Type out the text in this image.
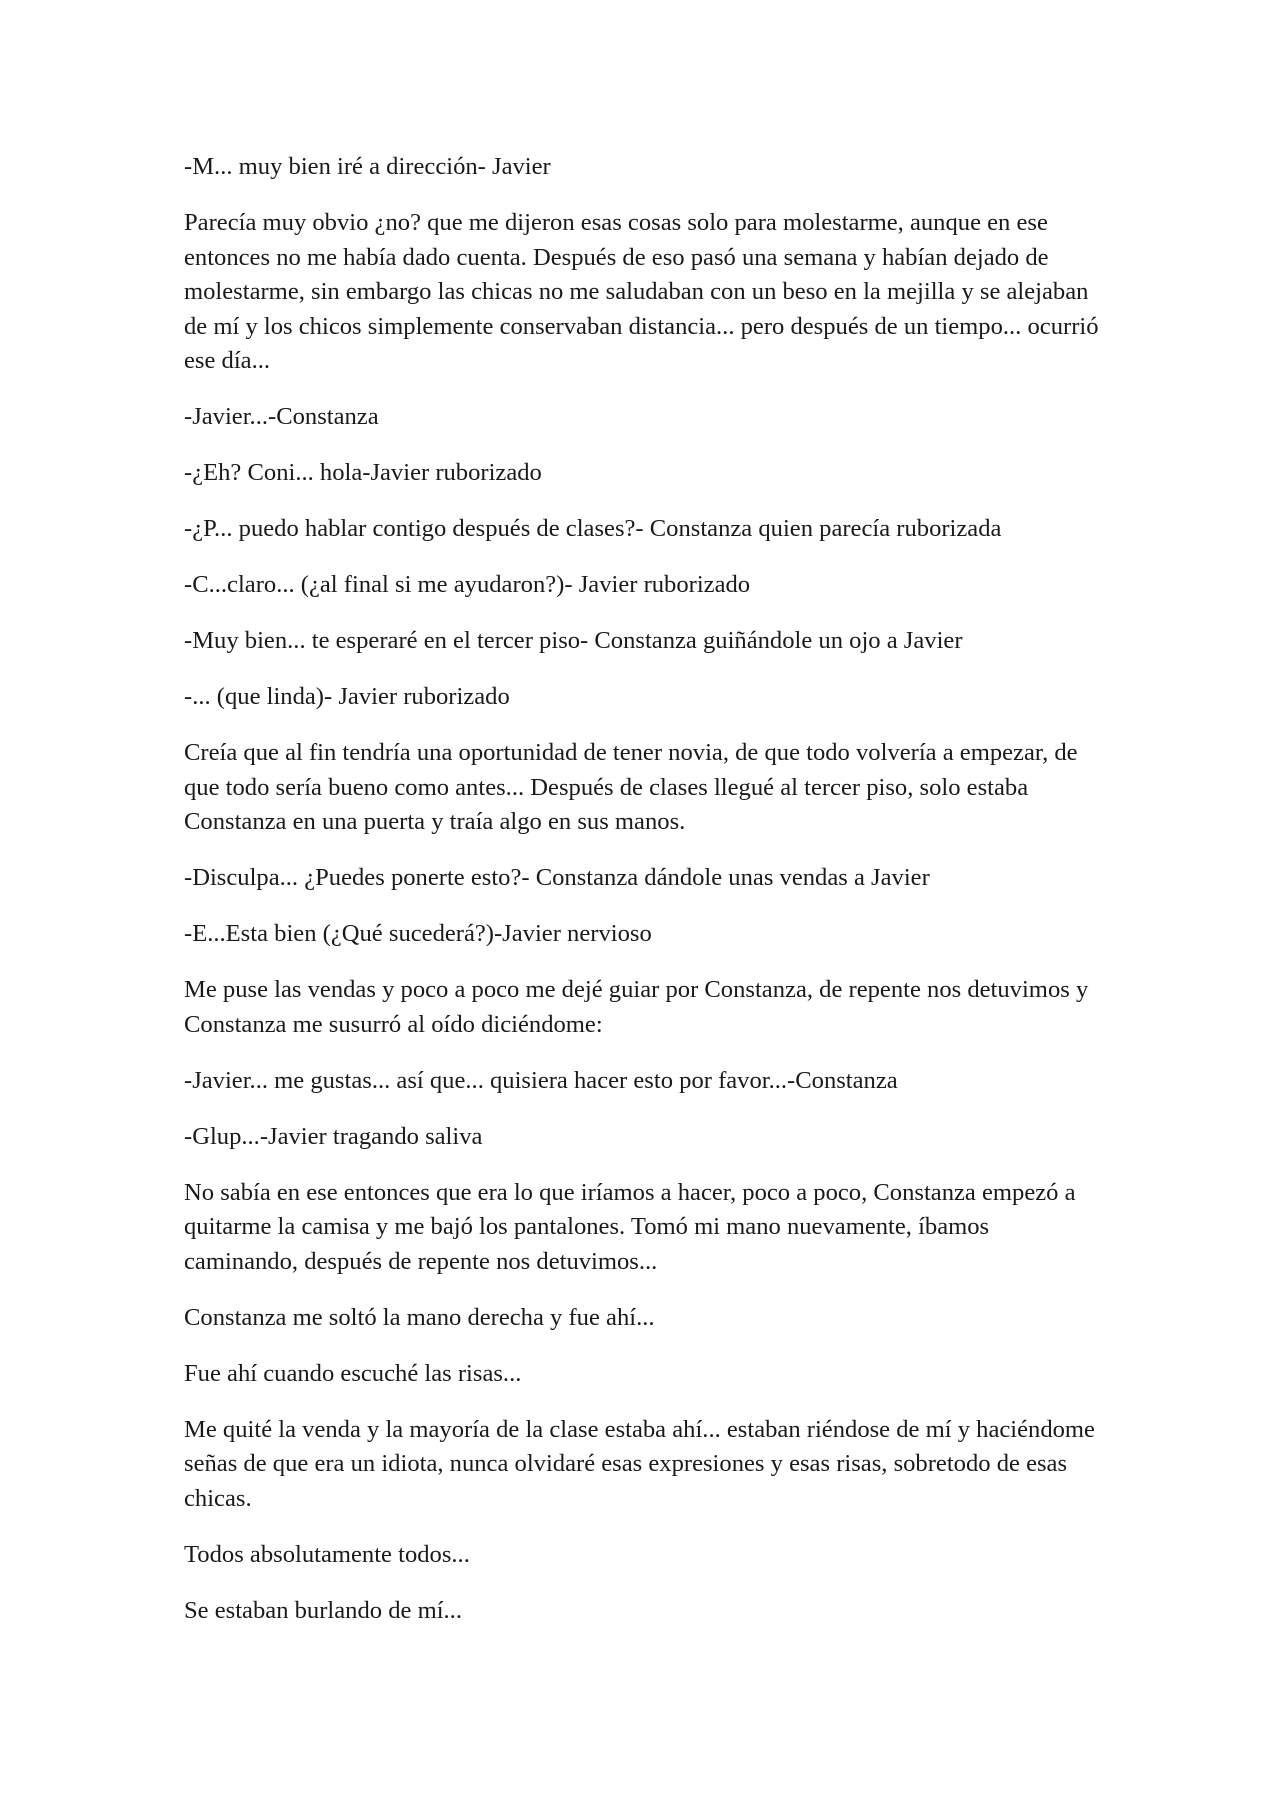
-M... muy bien iré a dirección- Javier

Parecía muy obvio ¿no? que me dijeron esas cosas solo para molestarme, aunque en ese entonces no me había dado cuenta. Después de eso pasó una semana y habían dejado de molestarme, sin embargo las chicas no me saludaban con un beso en la mejilla y se alejaban de mí y los chicos simplemente conservaban distancia... pero después de un tiempo... ocurrió ese día...

-Javier...-Constanza

-¿Eh? Coni... hola-Javier ruborizado

-¿P... puedo hablar contigo después de clases?- Constanza quien parecía ruborizada

-C...claro... (¿al final si me ayudaron?)- Javier ruborizado

-Muy bien... te esperaré en el tercer piso- Constanza guiñándole un ojo a Javier

-... (que linda)- Javier ruborizado

Creía que al fin tendría una oportunidad de tener novia, de que todo volvería a empezar, de que todo sería bueno como antes... Después de clases llegué al tercer piso, solo estaba Constanza en una puerta y traía algo en sus manos.

-Disculpa... ¿Puedes ponerte esto?- Constanza dándole unas vendas a Javier

-E...Esta bien (¿Qué sucederá?)-Javier nervioso

Me puse las vendas y poco a poco me dejé guiar por Constanza, de repente nos detuvimos y Constanza me susurró al oído diciéndome:

-Javier... me gustas... así que... quisiera hacer esto por favor...-Constanza

-Glup...-Javier tragando saliva

No sabía en ese entonces que era lo que iríamos a hacer, poco a poco, Constanza empezó a quitarme la camisa y me bajó los pantalones. Tomó mi mano nuevamente, íbamos caminando, después de repente nos detuvimos...

Constanza me soltó la mano derecha y fue ahí...

Fue ahí cuando escuché las risas...

Me quité la venda y la mayoría de la clase estaba ahí... estaban riéndose de mí y haciéndome señas de que era un idiota, nunca olvidaré esas expresiones y esas risas, sobretodo de esas chicas.

Todos absolutamente todos...

Se estaban burlando de mí...
